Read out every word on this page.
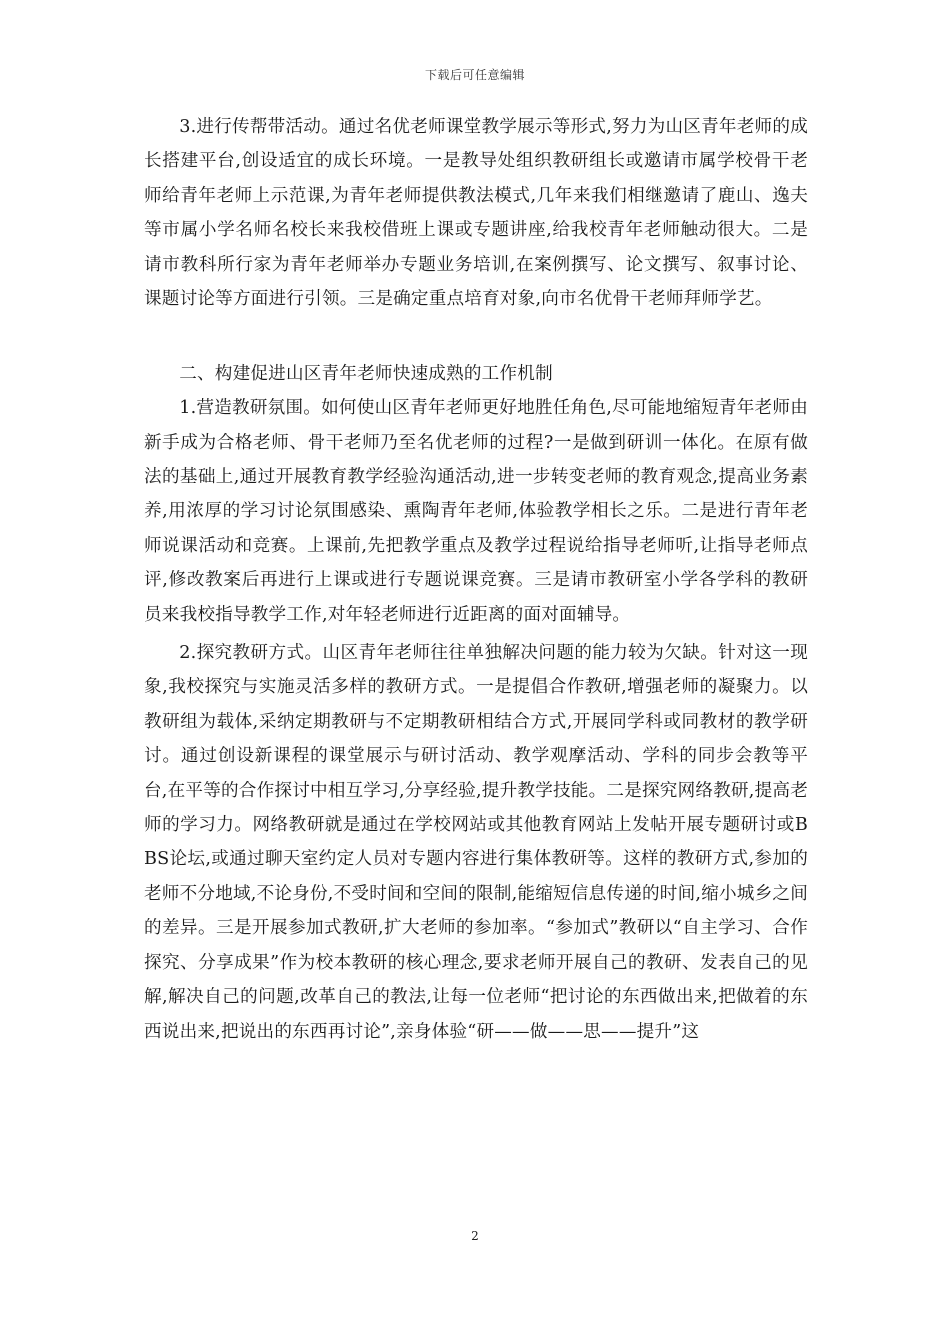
下载后可任意编辑

3.进行传帮带活动。通过名优老师课堂教学展示等形式,努力为山区青年老师的成长搭建平台,创设适宜的成长环境。一是教导处组织教研组长或邀请市属学校骨干老师给青年老师上示范课,为青年老师提供教法模式,几年来我们相继邀请了鹿山、逸夫等市属小学名师名校长来我校借班上课或专题讲座,给我校青年老师触动很大。二是请市教科所行家为青年老师举办专题业务培训,在案例撰写、论文撰写、叙事讨论、课题讨论等方面进行引领。三是确定重点培育对象,向市名优骨干老师拜师学艺。

二、构建促进山区青年老师快速成熟的工作机制

1.营造教研氛围。如何使山区青年老师更好地胜任角色,尽可能地缩短青年老师由新手成为合格老师、骨干老师乃至名优老师的过程?一是做到研训一体化。在原有做法的基础上,通过开展教育教学经验沟通活动,进一步转变老师的教育观念,提高业务素养,用浓厚的学习讨论氛围感染、熏陶青年老师,体验教学相长之乐。二是进行青年老师说课活动和竞赛。上课前,先把教学重点及教学过程说给指导老师听,让指导老师点评,修改教案后再进行上课或进行专题说课竞赛。三是请市教研室小学各学科的教研员来我校指导教学工作,对年轻老师进行近距离的面对面辅导。

2.探究教研方式。山区青年老师往往单独解决问题的能力较为欠缺。针对这一现象,我校探究与实施灵活多样的教研方式。一是提倡合作教研,增强老师的凝聚力。以教研组为载体,采纳定期教研与不定期教研相结合方式,开展同学科或同教材的教学研讨。通过创设新课程的课堂展示与研讨活动、教学观摩活动、学科的同步会教等平台,在平等的合作探讨中相互学习,分享经验,提升教学技能。二是探究网络教研,提高老师的学习力。网络教研就是通过在学校网站或其他教育网站上发帖开展专题研讨或BBS论坛,或通过聊天室约定人员对专题内容进行集体教研等。这样的教研方式,参加的老师不分地域,不论身份,不受时间和空间的限制,能缩短信息传递的时间,缩小城乡之间的差异。三是开展参加式教研,扩大老师的参加率。“参加式”教研以“自主学习、合作探究、分享成果”作为校本教研的核心理念,要求老师开展自己的教研、发表自己的见解,解决自己的问题,改革自己的教法,让每一位老师“把讨论的东西做出来,把做着的东西说出来,把说出的东西再讨论”,亲身体验“研——做——思——提升”这

2
